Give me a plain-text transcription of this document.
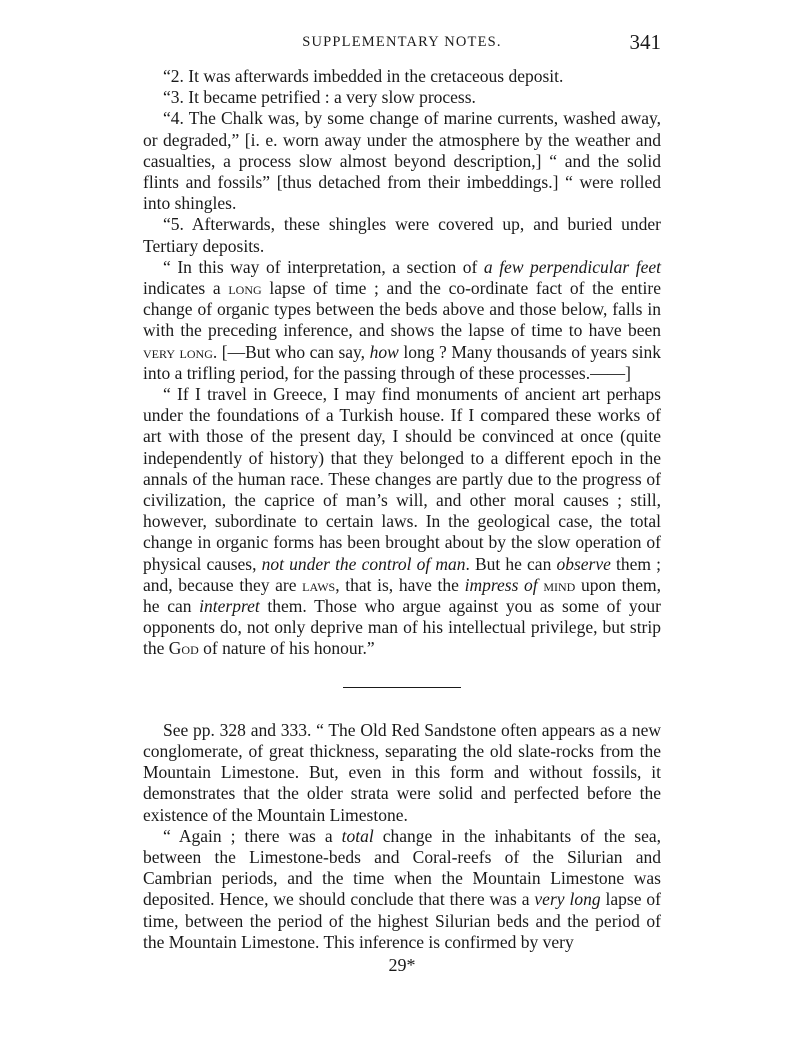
SUPPLEMENTARY NOTES.	341

“2. It was afterwards imbedded in the cretaceous deposit.

“3. It became petrified : a very slow process.

“4. The Chalk was, by some change of marine currents, washed away, or degraded,” [i. e. worn away under the atmosphere by the weather and casualties, a process slow almost beyond description,] “ and the solid flints and fossils” [thus detached from their imbeddings.] “ were rolled into shingles.

“5. Afterwards, these shingles were covered up, and buried under Tertiary deposits.

“ In this way of interpretation, a section of a few perpendicular feet indicates a long lapse of time ; and the co-ordinate fact of the entire change of organic types between the beds above and those below, falls in with the preceding inference, and shows the lapse of time to have been very long. [—But who can say, how long ? Many thousands of years sink into a trifling period, for the passing through of these processes.——]

“ If I travel in Greece, I may find monuments of ancient art perhaps under the foundations of a Turkish house. If I compared these works of art with those of the present day, I should be convinced at once (quite independently of history) that they belonged to a different epoch in the annals of the human race. These changes are partly due to the progress of civilization, the caprice of man’s will, and other moral causes ; still, however, subordinate to certain laws. In the geological case, the total change in organic forms has been brought about by the slow operation of physical causes, not under the control of man. But he can observe them ; and, because they are laws, that is, have the impress of mind upon them, he can interpret them. Those who argue against you as some of your opponents do, not only deprive man of his intellectual privilege, but strip the God of nature of his honour.”

See pp. 328 and 333. “ The Old Red Sandstone often appears as a new conglomerate, of great thickness, separating the old slate-rocks from the Mountain Limestone. But, even in this form and without fossils, it demonstrates that the older strata were solid and perfected before the existence of the Mountain Limestone.

“ Again ; there was a total change in the inhabitants of the sea, between the Limestone-beds and Coral-reefs of the Silurian and Cambrian periods, and the time when the Mountain Limestone was deposited. Hence, we should conclude that there was a very long lapse of time, between the period of the highest Silurian beds and the period of the Mountain Limestone. This inference is confirmed by very

29*
